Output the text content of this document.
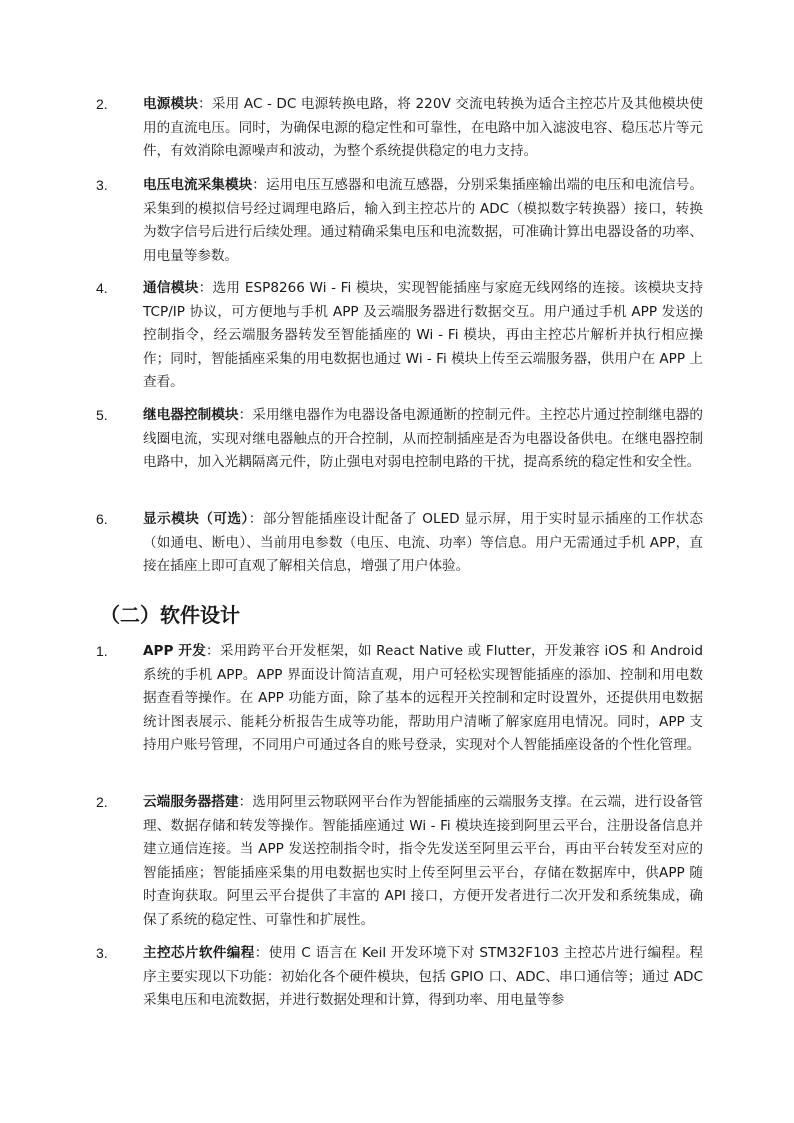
2.	电源模块：采用 AC - DC 电源转换电路，将 220V 交流电转换为适合主控芯片及其他模块使用的直流电压。同时，为确保电源的稳定性和可靠性，在电路中加入滤波电容、稳压芯片等元件，有效消除电源噪声和波动，为整个系统提供稳定的电力支持。
3.	电压电流采集模块：运用电压互感器和电流互感器，分别采集插座输出端的电压和电流信号。采集到的模拟信号经过调理电路后，输入到主控芯片的 ADC（模拟数字转换器）接口，转换为数字信号后进行后续处理。通过精确采集电压和电流数据，可准确计算出电器设备的功率、用电量等参数。
4.	通信模块：选用 ESP8266 Wi - Fi 模块，实现智能插座与家庭无线网络的连接。该模块支持 TCP/IP 协议，可方便地与手机 APP 及云端服务器进行数据交互。用户通过手机 APP 发送的控制指令，经云端服务器转发至智能插座的 Wi - Fi 模块，再由主控芯片解析并执行相应操作；同时，智能插座采集的用电数据也通过 Wi - Fi 模块上传至云端服务器，供用户在 APP 上查看。
5.	继电器控制模块：采用继电器作为电器设备电源通断的控制元件。主控芯片通过控制继电器的线圈电流，实现对继电器触点的开合控制，从而控制插座是否为电器设备供电。在继电器控制电路中，加入光耦隔离元件，防止强电对弱电控制电路的干扰，提高系统的稳定性和安全性。
6.	显示模块（可选）：部分智能插座设计配备了 OLED 显示屏，用于实时显示插座的工作状态（如通电、断电）、当前用电参数（电压、电流、功率）等信息。用户无需通过手机 APP，直接在插座上即可直观了解相关信息，增强了用户体验。
（二）软件设计
1.	APP 开发：采用跨平台开发框架，如 React Native 或 Flutter，开发兼容 iOS 和 Android 系统的手机 APP。APP 界面设计简洁直观，用户可轻松实现智能插座的添加、控制和用电数据查看等操作。在 APP 功能方面，除了基本的远程开关控制和定时设置外，还提供用电数据统计图表展示、能耗分析报告生成等功能，帮助用户清晰了解家庭用电情况。同时，APP 支持用户账号管理，不同用户可通过各自的账号登录，实现对个人智能插座设备的个性化管理。
2.	云端服务器搭建：选用阿里云物联网平台作为智能插座的云端服务支撑。在云端，进行设备管理、数据存储和转发等操作。智能插座通过 Wi - Fi 模块连接到阿里云平台，注册设备信息并建立通信连接。当 APP 发送控制指令时，指令先发送至阿里云平台，再由平台转发至对应的智能插座；智能插座采集的用电数据也实时上传至阿里云平台，存储在数据库中，供APP 随时查询获取。阿里云平台提供了丰富的 API 接口，方便开发者进行二次开发和系统集成，确保了系统的稳定性、可靠性和扩展性。
3.	主控芯片软件编程：使用 C 语言在 Keil 开发环境下对 STM32F103 主控芯片进行编程。程序主要实现以下功能：初始化各个硬件模块，包括 GPIO 口、ADC、串口通信等；通过 ADC 采集电压和电流数据，并进行数据处理和计算，得到功率、用电量等参
